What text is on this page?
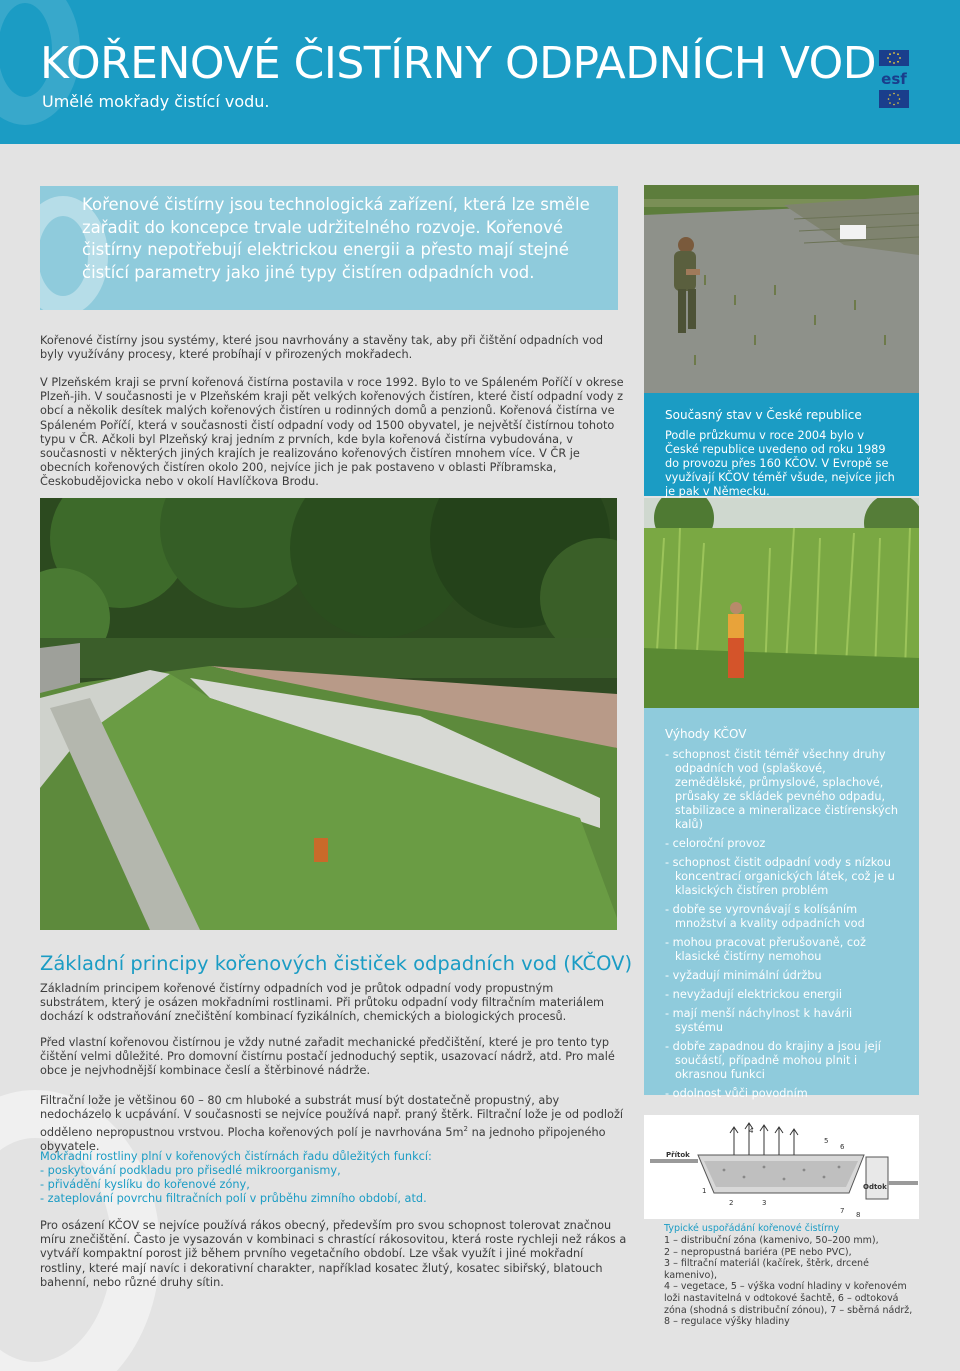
KOŘENOVÉ ČISTÍRNY ODPADNÍCH VOD
Umělé mokřady čistící vodu.
esf
Kořenové čistírny jsou technologická zařízení, která lze směle zařadit do koncepce trvale udržitelného rozvoje. Kořenové čistírny nepotřebují elektrickou energii a přesto mají stejné čistící parametry jako jiné typy čistíren odpadních vod.
Kořenové čistírny jsou systémy, které jsou navrhovány a stavěny tak, aby při čištění odpadních vod byly využívány procesy, které probíhají v přirozených mokřadech.
V Plzeňském kraji se první kořenová čistírna postavila v roce 1992. Bylo to ve Spáleném Poříčí v okrese Plzeň-jih. V současnosti je v Plzeňském kraji pět velkých kořenových čistíren, které čistí odpadní vody z obcí a několik desítek malých kořenových čistíren u rodinných domů a penzionů. Kořenová čistírna ve Spáleném Poříčí, která v současnosti čistí odpadní vody od 1500 obyvatel, je největší čistírnou tohoto typu v ČR. Ačkoli byl Plzeňský kraj jedním z prvních, kde byla kořenová čistírna vybudována, v současnosti v některých jiných krajích je realizováno kořenových čistíren mnohem více. V ČR je obecních kořenových čistíren okolo 200, nejvíce jich je pak postaveno v oblasti Příbramska, Českobudějovicka nebo v okolí Havlíčkova Brodu.
Současný stav v České republice
Podle průzkumu v roce 2004 bylo v České republice uvedeno od roku 1989 do provozu přes 160 KČOV. V Evropě se využívají KČOV téměř všude, nejvíce jich je pak v Německu.
Výhody KČOV
- schopnost čistit téměř všechny druhy odpadních vod (splaškové, zemědělské, průmyslové, splachové, průsaky ze skládek pevného odpadu, stabilizace a mineralizace čistírenských kalů)
- celoroční provoz
- schopnost čistit odpadní vody s nízkou koncentrací organických látek, což je u klasických čistíren problém
- dobře se vyrovnávají s kolísáním množství a kvality odpadních vod
- mohou pracovat přerušovaně, což klasické čistírny nemohou
- vyžadují minimální údržbu
- nevyžadují elektrickou energii
- mají menší náchylnost k havárii systému
- dobře zapadnou do krajiny a jsou její součástí, případně mohou plnit i okrasnou funkci
- odolnost vůči povodním
Základní principy kořenových čističek odpadních vod (KČOV)
Základním principem kořenové čistírny odpadních vod je průtok odpadní vody propustným substrátem, který je osázen mokřadními rostlinami. Při průtoku odpadní vody filtračním materiálem dochází k odstraňování znečištění kombinací fyzikálních, chemických a biologických procesů.
Před vlastní kořenovou čistírnou je vždy nutné zařadit mechanické předčištění, které je pro tento typ čištění velmi důležité. Pro domovní čistírnu postačí jednoduchý septik, usazovací nádrž, atd. Pro malé obce je nejvhodnější kombinace česlí a štěrbinové nádrže.
Filtrační lože je většinou 60 – 80 cm hluboké a substrát musí být dostatečně propustný, aby nedocházelo k ucpávání. V současnosti se nejvíce používá např. praný štěrk. Filtrační lože je od podloží odděleno nepropustnou vrstvou. Plocha kořenových polí je navrhována $5m^2$ na jednoho připojeného obyvatele.
Mokřadní rostliny plní v kořenových čistírnách řadu důležitých funkcí:
- poskytování podkladu pro přisedlé mikroorganismy,
- přivádění kyslíku do kořenové zóny,
- zateplování povrchu filtračních polí v průběhu zimního období, atd.
Pro osázení KČOV se nejvíce používá rákos obecný, především pro svou schopnost tolerovat značnou míru znečištění. Často je vysazován v kombinaci s chrastící rákosovitou, která roste rychleji než rákos a vytváří kompaktní porost již během prvního vegetačního období. Lze však využít i jiné mokřadní rostliny, které mají navíc i dekorativní charakter, například kosatec žlutý, kosatec sibiřský, blatouch bahenní, nebo různé druhy sítin.
Přítok
Odtok
1
2	3
4
5
6
7 8
Typické uspořádání kořenové čistírny
1 – distribuční zóna (kamenivo, 50–200 mm),
2 – nepropustná bariéra (PE nebo PVC),
3 – filtrační materiál (kačírek, štěrk, drcené kamenivo),
4 – vegetace, 5 – výška vodní hladiny v kořenovém loži nastavitelná v odtokové šachtě, 6 – odtoková zóna (shodná s distribuční zónou), 7 – sběrná nádrž,
8 – regulace výšky hladiny
